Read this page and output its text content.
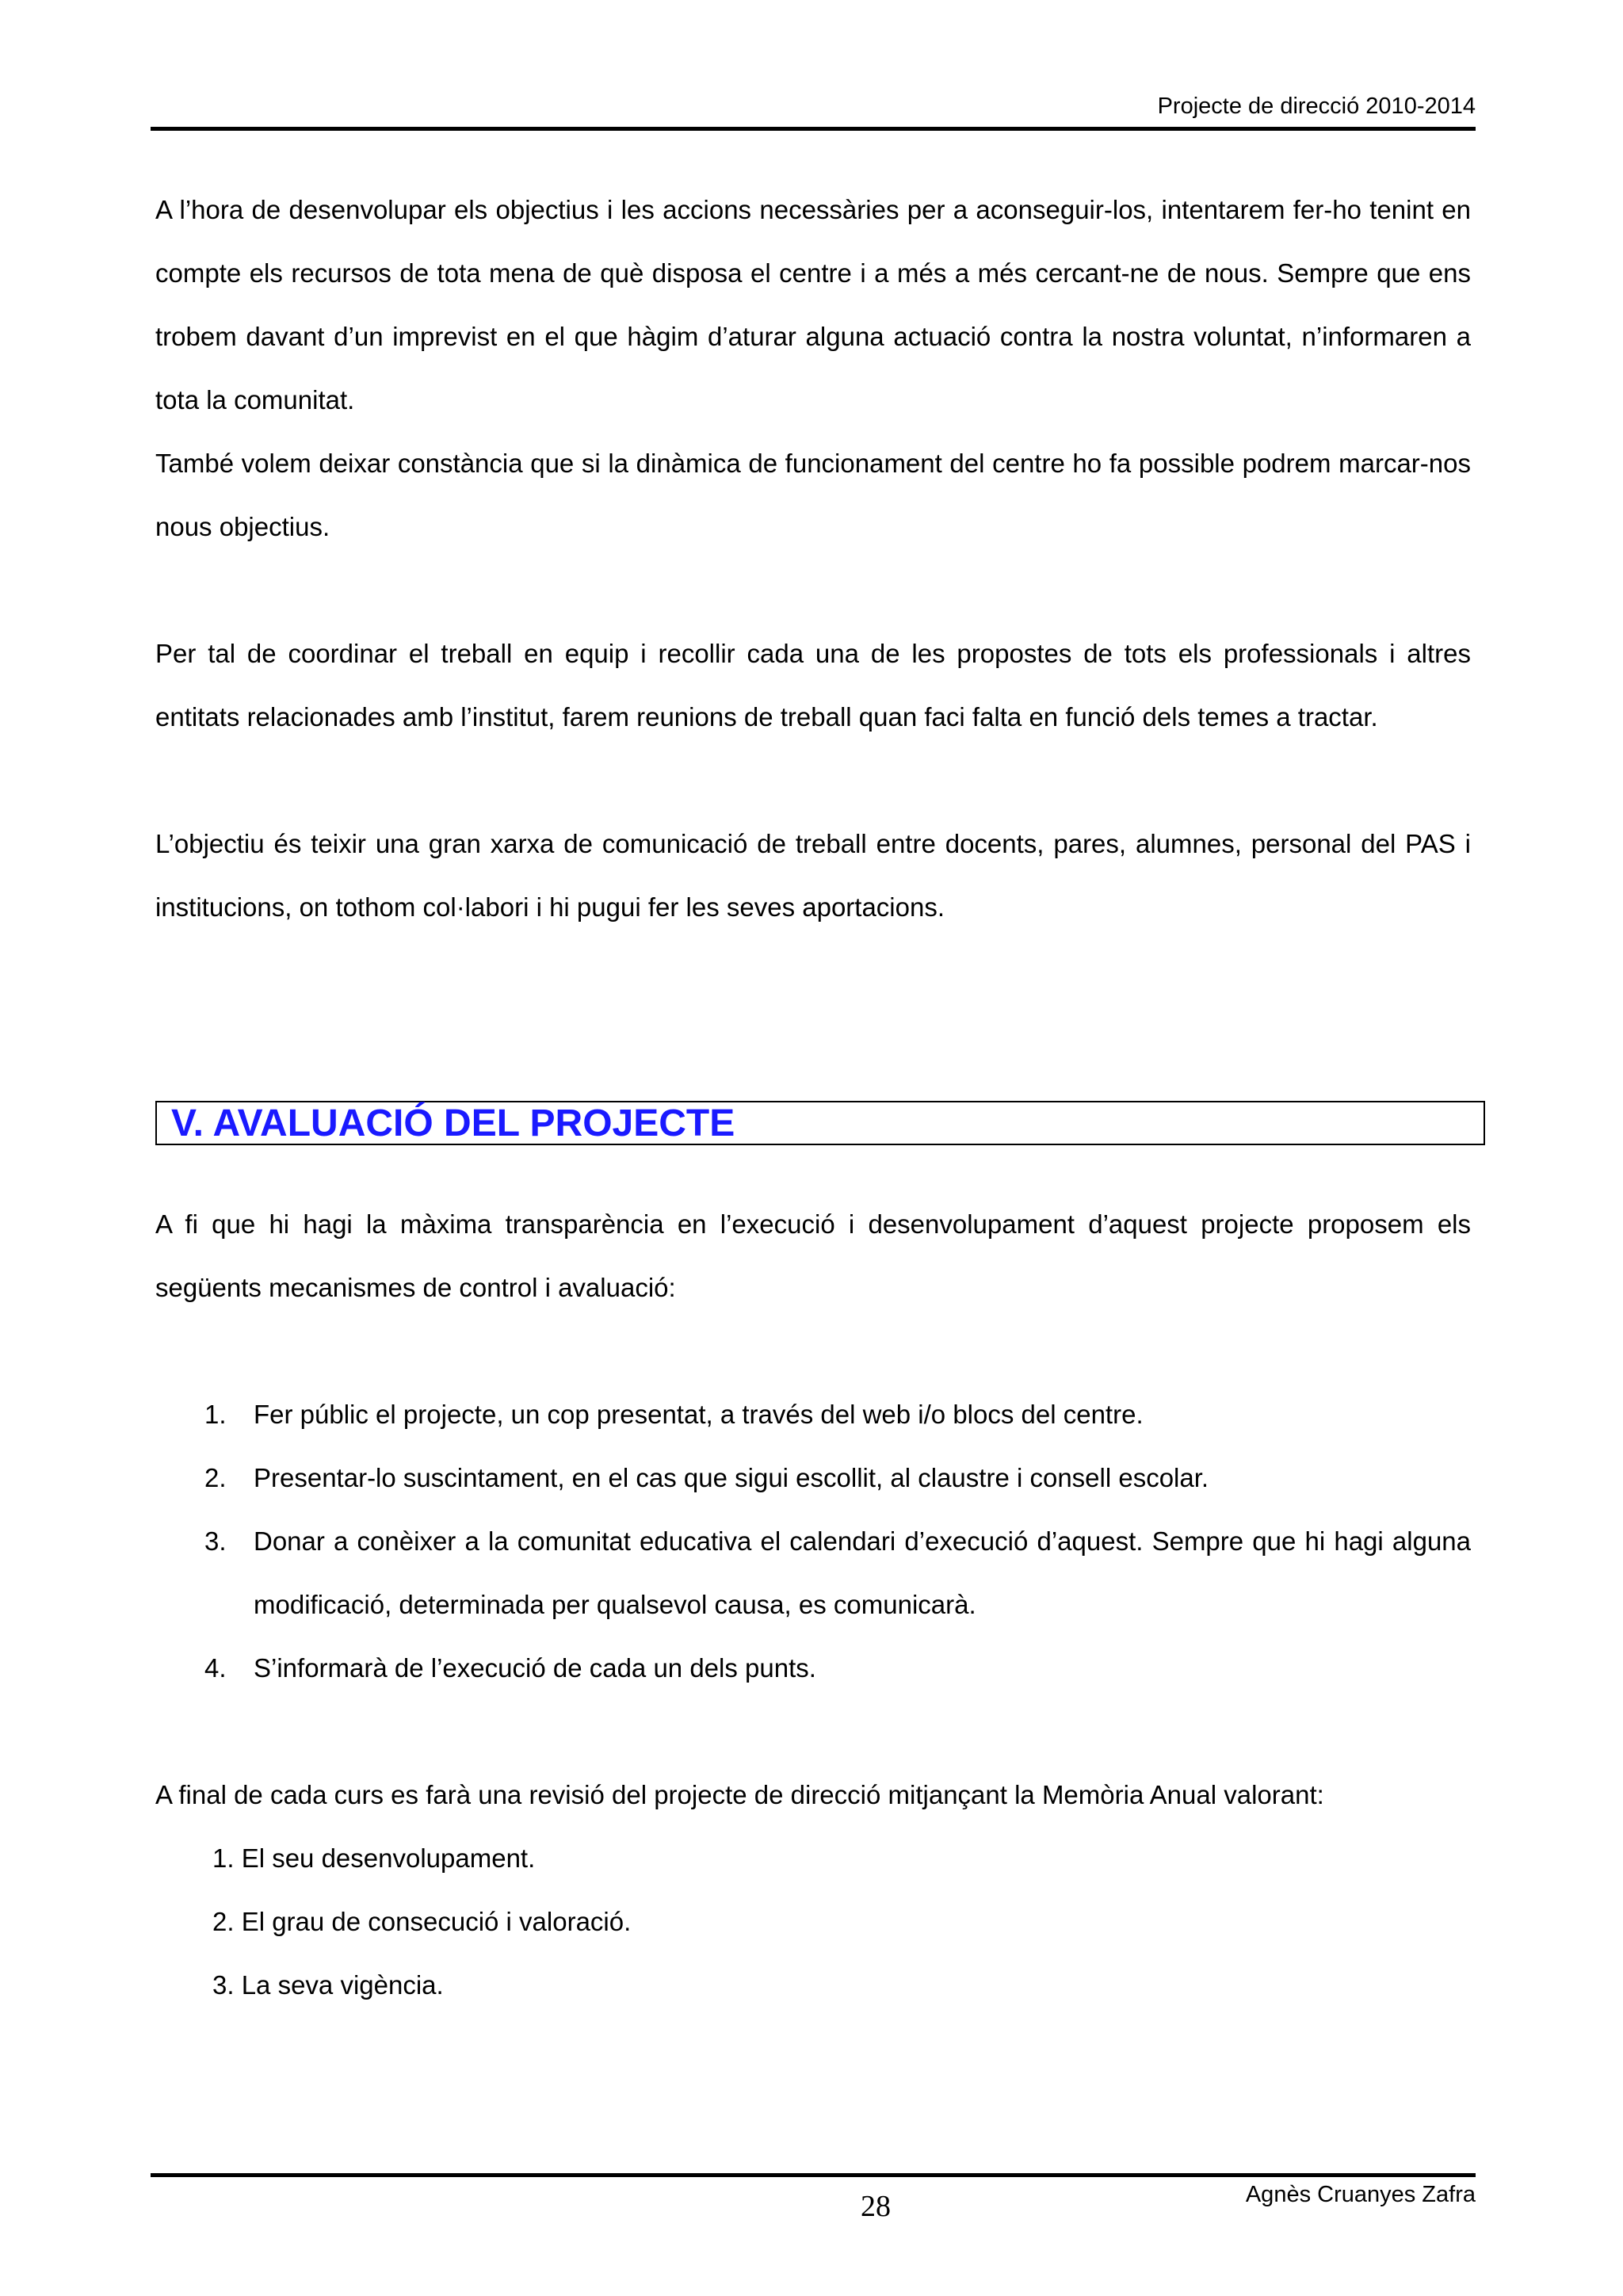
Projecte de direcció 2010-2014

A l’hora de desenvolupar els objectius i les accions necessàries per a aconseguir-los, intentarem fer-ho tenint en compte els recursos de tota mena de què disposa el centre i a més a més cercant-ne de nous. Sempre que ens trobem davant d’un imprevist en el que hàgim d’aturar alguna actuació contra la nostra voluntat, n’informaren a tota la comunitat.

També volem deixar constància que si la dinàmica de funcionament del centre ho fa possible podrem marcar-nos nous objectius.

Per tal de coordinar el treball en equip i recollir cada una de les propostes de tots els professionals i altres entitats relacionades amb l’institut, farem reunions de treball quan faci falta en funció dels temes a tractar.

L’objectiu és teixir una gran xarxa de comunicació de treball entre docents, pares, alumnes, personal del PAS i institucions, on tothom col·labori i hi pugui fer les seves aportacions.

V. AVALUACIÓ DEL PROJECTE

A fi que hi hagi la màxima transparència en l’execució i desenvolupament d’aquest projecte proposem els següents mecanismes de control i avaluació:

1. Fer públic el projecte, un cop presentat, a través del web i/o blocs del centre.
2. Presentar-lo suscintament, en el cas que sigui escollit, al claustre i consell escolar.
3. Donar a conèixer a la comunitat educativa el calendari d’execució d’aquest. Sempre que hi hagi alguna modificació, determinada per qualsevol causa, es comunicarà.
4. S’informarà de l’execució de cada un dels punts.

A final de cada curs es farà una revisió del projecte de direcció mitjançant la Memòria Anual valorant:

1. El seu desenvolupament.
2. El grau de consecució i valoració.
3. La seva vigència.
Agnès Cruanyes Zafra
28
